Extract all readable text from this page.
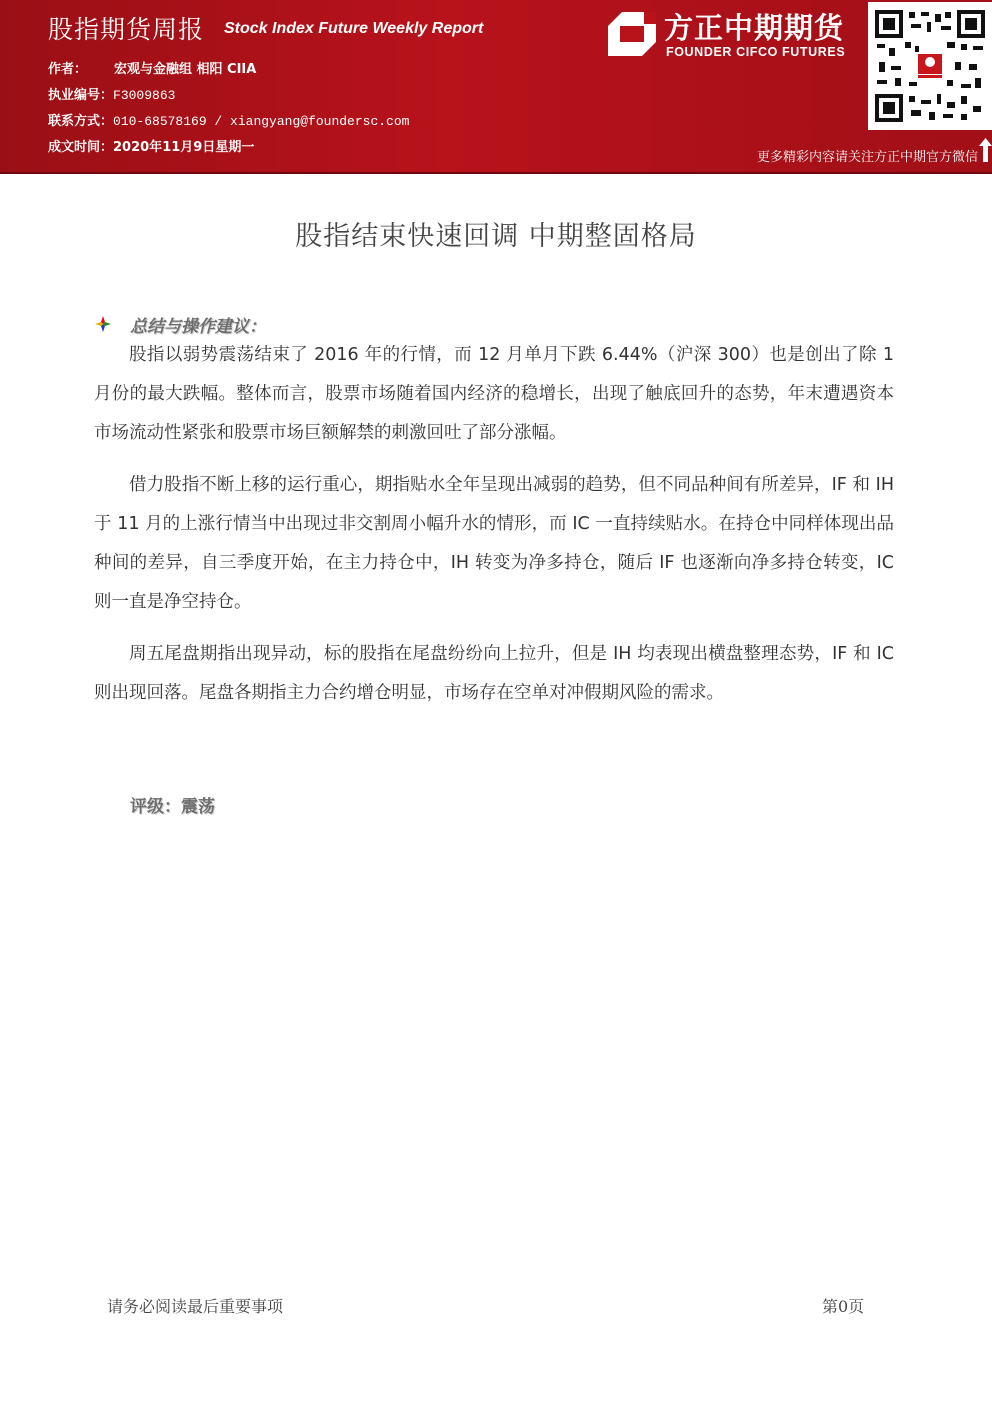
股指期货周报 Stock Index Future Weekly Report
作者： 宏观与金融组 相阳 CIIA
执业编号：F3009863
联系方式：010-68578169 / xiangyang@foundersc.com
成文时间：2020年11月9日星期一
方正中期期货
FOUNDER CIFCO FUTURES
更多精彩内容请关注方正中期官方微信
股指结束快速回调 中期整固格局
总结与操作建议：
股指以弱势震荡结束了 2016 年的行情，而 12 月单月下跌 6.44%（沪深 300）也是创出了除 1 月份的最大跌幅。整体而言，股票市场随着国内经济的稳增长，出现了触底回升的态势，年末遭遇资本市场流动性紧张和股票市场巨额解禁的刺激回吐了部分涨幅。
借力股指不断上移的运行重心，期指贴水全年呈现出减弱的趋势，但不同品种间有所差异，IF 和 IH 于 11 月的上涨行情当中出现过非交割周小幅升水的情形，而 IC 一直持续贴水。在持仓中同样体现出品种间的差异，自三季度开始，在主力持仓中，IH 转变为净多持仓，随后 IF 也逐渐向净多持仓转变，IC 则一直是净空持仓。
周五尾盘期指出现异动，标的股指在尾盘纷纷向上拉升，但是 IH 均表现出横盘整理态势，IF 和 IC 则出现回落。尾盘各期指主力合约增仓明显，市场存在空单对冲假期风险的需求。
评级：震荡
请务必阅读最后重要事项	第0页
